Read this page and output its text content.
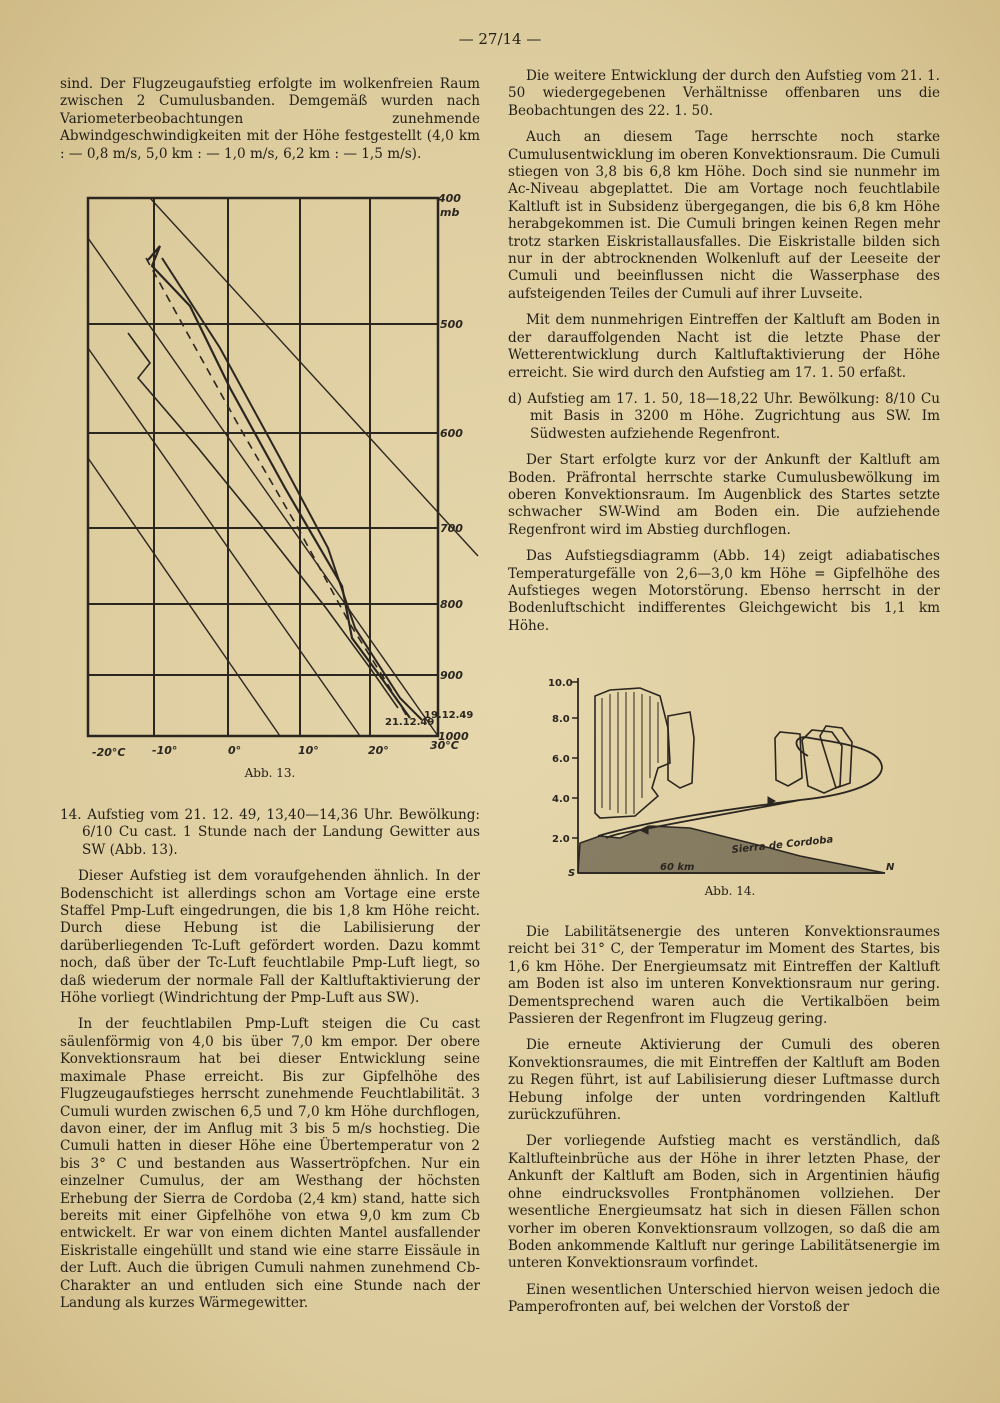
— 27/14 —

sind. Der Flugzeugaufstieg erfolgte im wolkenfreien Raum zwischen 2 Cumulusbanden. Demgemäß wurden nach Variometerbeobachtungen zunehmende Abwindgeschwindigkeiten mit der Höhe festgestellt (4,0 km : — 0,8 m/s, 5,0 km : — 1,0 m/s, 6,2 km : — 1,5 m/s).

400
mb
500
600
700
800
900
1000
-20°C -10°	0°	10°	20°	30°C
21.12.49
19.12.49
Abb. 13.

14. Aufstieg vom 21. 12. 49, 13,40—14,36 Uhr. Bewölkung: 6/10 Cu cast. 1 Stunde nach der Landung Gewitter aus SW (Abb. 13).

Dieser Aufstieg ist dem voraufgehenden ähnlich. In der Bodenschicht ist allerdings schon am Vortage eine erste Staffel Pmp-Luft eingedrungen, die bis 1,8 km Höhe reicht. Durch diese Hebung ist die Labilisierung der darüberliegenden Tc-Luft gefördert worden. Dazu kommt noch, daß über der Tc-Luft feuchtlabile Pmp-Luft liegt, so daß wiederum der normale Fall der Kaltluftaktivierung der Höhe vorliegt (Windrichtung der Pmp-Luft aus SW).

In der feuchtlabilen Pmp-Luft steigen die Cu cast säulenförmig von 4,0 bis über 7,0 km empor. Der obere Konvektionsraum hat bei dieser Entwicklung seine maximale Phase erreicht. Bis zur Gipfelhöhe des Flugzeugaufstieges herrscht zunehmende Feuchtlabilität. 3 Cumuli wurden zwischen 6,5 und 7,0 km Höhe durchflogen, davon einer, der im Anflug mit 3 bis 5 m/s hochstieg. Die Cumuli hatten in dieser Höhe eine Übertemperatur von 2 bis 3° C und bestanden aus Wassertröpfchen. Nur ein einzelner Cumulus, der am Westhang der höchsten Erhebung der Sierra de Cordoba (2,4 km) stand, hatte sich bereits mit einer Gipfelhöhe von etwa 9,0 km zum Cb entwickelt. Er war von einem dichten Mantel ausfallender Eiskristalle eingehüllt und stand wie eine starre Eissäule in der Luft. Auch die übrigen Cumuli nahmen zunehmend Cb-Charakter an und entluden sich eine Stunde nach der Landung als kurzes Wärmegewitter.

Die weitere Entwicklung der durch den Aufstieg vom 21. 1. 50 wiedergegebenen Verhältnisse offenbaren uns die Beobachtungen des 22. 1. 50.

Auch an diesem Tage herrschte noch starke Cumulusentwicklung im oberen Konvektionsraum. Die Cumuli stiegen von 3,8 bis 6,8 km Höhe. Doch sind sie nunmehr im Ac-Niveau abgeplattet. Die am Vortage noch feuchtlabile Kaltluft ist in Subsidenz übergegangen, die bis 6,8 km Höhe herabgekommen ist. Die Cumuli bringen keinen Regen mehr trotz starken Eiskristallausfalles. Die Eiskristalle bilden sich nur in der abtrocknenden Wolkenluft auf der Leeseite der Cumuli und beeinflussen nicht die Wasserphase des aufsteigenden Teiles der Cumuli auf ihrer Luvseite.

Mit dem nunmehrigen Eintreffen der Kaltluft am Boden in der darauffolgenden Nacht ist die letzte Phase der Wetterentwicklung durch Kaltluftaktivierung der Höhe erreicht. Sie wird durch den Aufstieg am 17. 1. 50 erfaßt.

d) Aufstieg am 17. 1. 50, 18—18,22 Uhr. Bewölkung: 8/10 Cu mit Basis in 3200 m Höhe. Zugrichtung aus SW. Im Südwesten aufziehende Regenfront.

Der Start erfolgte kurz vor der Ankunft der Kaltluft am Boden. Präfrontal herrschte starke Cumulusbewölkung im oberen Konvektionsraum. Im Augenblick des Startes setzte schwacher SW-Wind am Boden ein. Die aufziehende Regenfront wird im Abstieg durchflogen.

Das Aufstiegsdiagramm (Abb. 14) zeigt adiabatisches Temperaturgefälle von 2,6—3,0 km Höhe = Gipfelhöhe des Aufstieges wegen Motorstörung. Ebenso herrscht in der Bodenluftschicht indifferentes Gleichgewicht bis 1,1 km Höhe.

10.0
8.0
6.0
4.0
2.0	Sierra de Cordoba
S
N
60 km
Abb. 14.

Die Labilitätsenergie des unteren Konvektionsraumes reicht bei 31° C, der Temperatur im Moment des Startes, bis 1,6 km Höhe. Der Energieumsatz mit Eintreffen der Kaltluft am Boden ist also im unteren Konvektionsraum nur gering. Dementsprechend waren auch die Vertikalböen beim Passieren der Regenfront im Flugzeug gering.

Die erneute Aktivierung der Cumuli des oberen Konvektionsraumes, die mit Eintreffen der Kaltluft am Boden zu Regen führt, ist auf Labilisierung dieser Luftmasse durch Hebung infolge der unten vordringenden Kaltluft zurückzuführen.

Der vorliegende Aufstieg macht es verständlich, daß Kaltlufteinbrüche aus der Höhe in ihrer letzten Phase, der Ankunft der Kaltluft am Boden, sich in Argentinien häufig ohne eindrucksvolles Frontphänomen vollziehen. Der wesentliche Energieumsatz hat sich in diesen Fällen schon vorher im oberen Konvektionsraum vollzogen, so daß die am Boden ankommende Kaltluft nur geringe Labilitätsenergie im unteren Konvektionsraum vorfindet.

Einen wesentlichen Unterschied hiervon weisen jedoch die Pamperofronten auf, bei welchen der Vorstoß der
